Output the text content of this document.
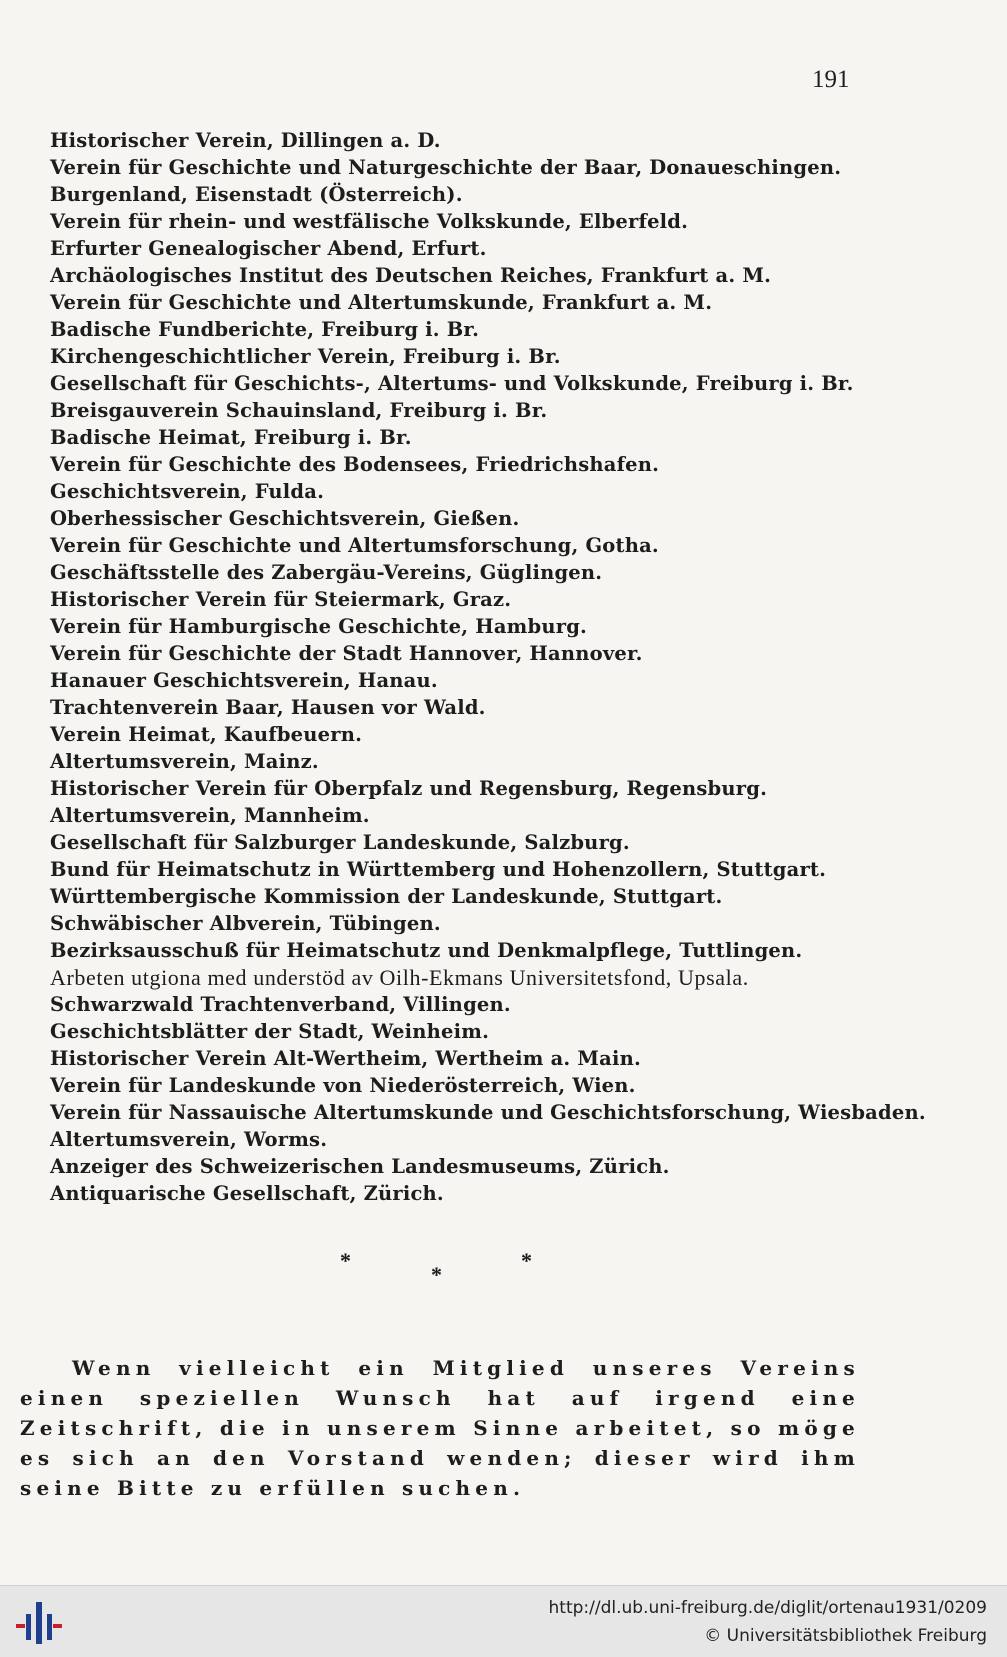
191
Historischer Verein, Dillingen a. D.
Verein für Geschichte und Naturgeschichte der Baar, Donaueschingen.
Burgenland, Eisenstadt (Österreich).
Verein für rhein- und westfälische Volkskunde, Elberfeld.
Erfurter Genealogischer Abend, Erfurt.
Archäologisches Institut des Deutschen Reiches, Frankfurt a. M.
Verein für Geschichte und Altertumskunde, Frankfurt a. M.
Badische Fundberichte, Freiburg i. Br.
Kirchengeschichtlicher Verein, Freiburg i. Br.
Gesellschaft für Geschichts-, Altertums- und Volkskunde, Freiburg i. Br.
Breisgauverein Schauinsland, Freiburg i. Br.
Badische Heimat, Freiburg i. Br.
Verein für Geschichte des Bodensees, Friedrichshafen.
Geschichtsverein, Fulda.
Oberhessischer Geschichtsverein, Gießen.
Verein für Geschichte und Altertumsforschung, Gotha.
Geschäftsstelle des Zabergäu-Vereins, Güglingen.
Historischer Verein für Steiermark, Graz.
Verein für Hamburgische Geschichte, Hamburg.
Verein für Geschichte der Stadt Hannover, Hannover.
Hanauer Geschichtsverein, Hanau.
Trachtenverein Baar, Hausen vor Wald.
Verein Heimat, Kaufbeuern.
Altertumsverein, Mainz.
Historischer Verein für Oberpfalz und Regensburg, Regensburg.
Altertumsverein, Mannheim.
Gesellschaft für Salzburger Landeskunde, Salzburg.
Bund für Heimatschutz in Württemberg und Hohenzollern, Stuttgart.
Württembergische Kommission der Landeskunde, Stuttgart.
Schwäbischer Albverein, Tübingen.
Bezirksausschuß für Heimatschutz und Denkmalpflege, Tuttlingen.
Arbeten utgiona med understöd av Oilh-Ekmans Universitetsfond, Upsala.
Schwarzwald Trachtenverband, Villingen.
Geschichtsblätter der Stadt, Weinheim.
Historischer Verein Alt-Wertheim, Wertheim a. Main.
Verein für Landeskunde von Niederösterreich, Wien.
Verein für Nassauische Altertumskunde und Geschichtsforschung, Wiesbaden.
Altertumsverein, Worms.
Anzeiger des Schweizerischen Landesmuseums, Zürich.
Antiquarische Gesellschaft, Zürich.
*
*
*

Wenn vielleicht ein Mitglied unseres Vereins einen speziellen Wunsch hat auf irgend eine Zeitschrift, die in unserem Sinne arbeitet, so möge es sich an den Vorstand wenden; dieser wird ihm seine Bitte zu erfüllen suchen.

http://dl.ub.uni-freiburg.de/diglit/ortenau1931/0209
© Universitätsbibliothek Freiburg
